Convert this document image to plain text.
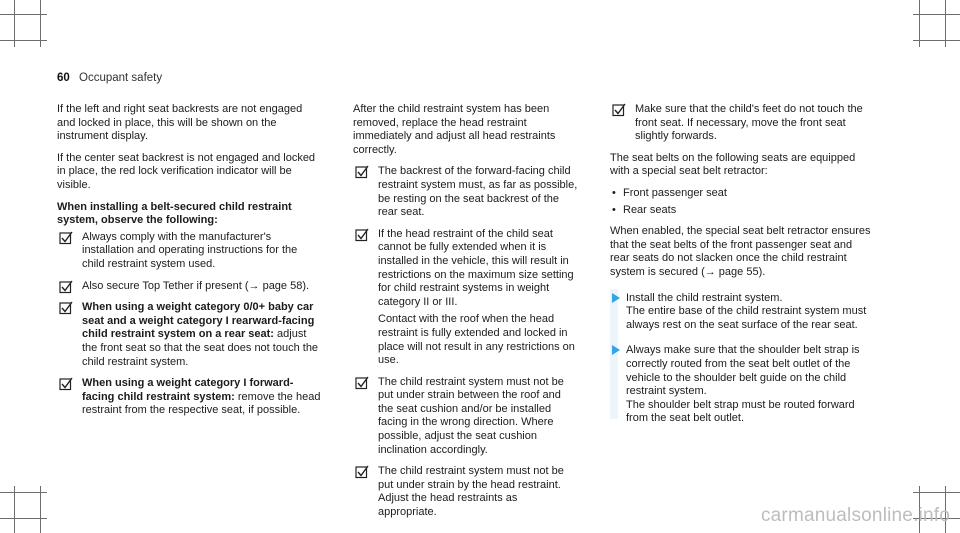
60 Occupant safety

If the left and right seat backrests are not engaged and locked in place, this will be shown on the instrument display.

If the center seat backrest is not engaged and locked in place, the red lock verification indicator will be visible.

When installing a belt-secured child restraint system, observe the following:
Always comply with the manufacturer's installation and operating instructions for the child restraint system used.
Also secure Top Tether if present (→ page 58).
When using a weight category 0/0+ baby car seat and a weight category I rearward-facing child restraint system on a rear seat: adjust the front seat so that the seat does not touch the child restraint system.
When using a weight category I forward-facing child restraint system: remove the head restraint from the respective seat, if possible.

After the child restraint system has been removed, replace the head restraint immediately and adjust all head restraints correctly.

The backrest of the forward-facing child restraint system must, as far as possible, be resting on the seat backrest of the rear seat.
If the head restraint of the child seat cannot be fully extended when it is installed in the vehicle, this will result in restrictions on the maximum size setting for child restraint systems in weight category II or III.
Contact with the roof when the head restraint is fully extended and locked in place will not result in any restrictions on use.
The child restraint system must not be put under strain between the roof and the seat cushion and/or be installed facing in the wrong direction. Where possible, adjust the seat cushion inclination accordingly.
The child restraint system must not be put under strain by the head restraint. Adjust the head restraints as appropriate.
Make sure that the child's feet do not touch the front seat. If necessary, move the front seat slightly forwards.

The seat belts on the following seats are equipped with a special seat belt retractor:

• Front passenger seat
• Rear seats

When enabled, the special seat belt retractor ensures that the seat belts of the front passenger seat and rear seats do not slacken once the child restraint system is secured (→ page 55).

Install the child restraint system.
The entire base of the child restraint system must always rest on the seat surface of the rear seat.
Always make sure that the shoulder belt strap is correctly routed from the seat belt outlet of the vehicle to the shoulder belt guide on the child restraint system.
The shoulder belt strap must be routed forward from the seat belt outlet.
carmanualsonline.info
